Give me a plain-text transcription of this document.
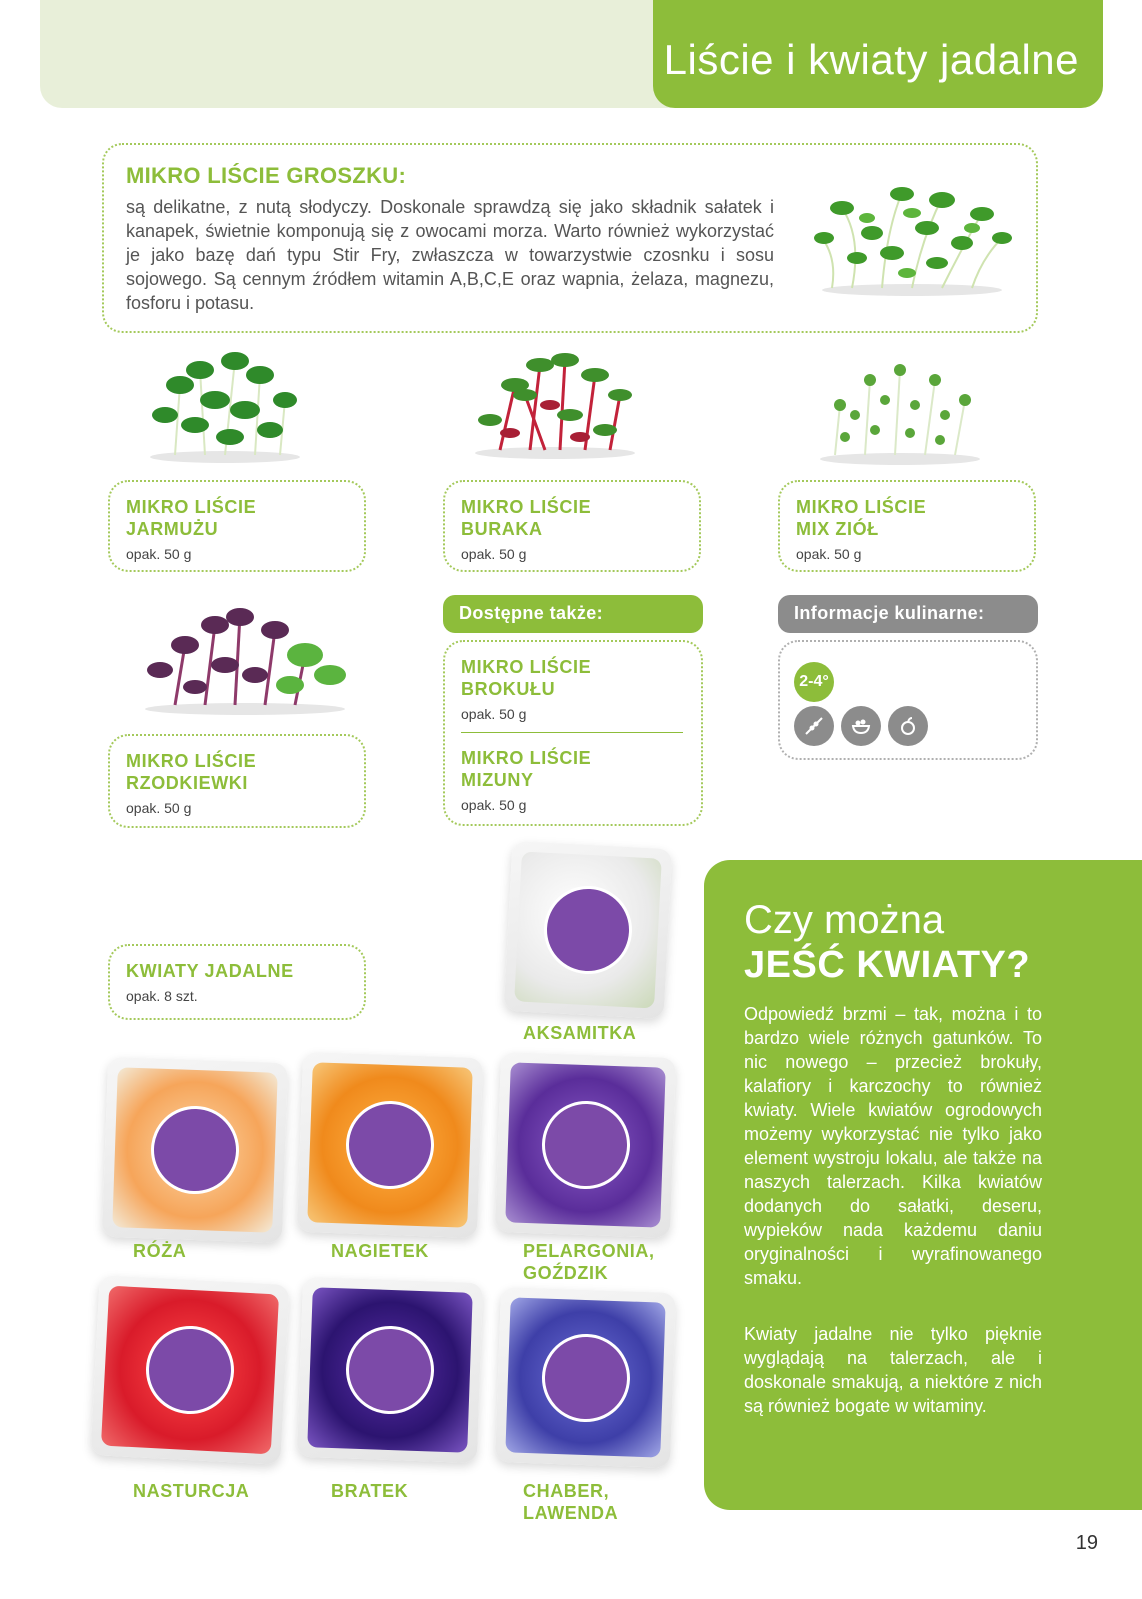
Liście i kwiaty jadalne
MIKRO LIŚCIE GROSZKU:
są delikatne, z nutą słodyczy. Doskonale sprawdzą się jako składnik sałatek i kanapek, świetnie komponują się z owocami morza. Warto również wykorzystać je jako bazę dań typu Stir Fry, zwłaszcza w towarzystwie czosnku i sosu sojowego. Są cennym źródłem witamin A,B,C,E oraz wapnia, żelaza, magnezu, fosforu i potasu.
MIKRO LIŚCIE
JARMUŻU
opak. 50 g
MIKRO LIŚCIE
BURAKA
opak. 50 g
MIKRO LIŚCIE
MIX ZIÓŁ
opak. 50 g
MIKRO LIŚCIE
RZODKIEWKI
opak. 50 g
Dostępne także:
MIKRO LIŚCIE
BROKUŁU
opak. 50 g
MIKRO LIŚCIE
MIZUNY
opak. 50 g
Informacje kulinarne:
2-4°
KWIATY JADALNE
opak. 8 szt.
AKSAMITKA
RÓŻA	NAGIETEK	PELARGONIA, GOŹDZIK
NASTURCJA	BRATEK	CHABER, LAWENDA
Czy można
JEŚĆ KWIATY?
Odpowiedź brzmi – tak, można i to bardzo wiele różnych gatunków. To nic nowego – przecież brokuły, kalafiory i karczochy to również kwiaty. Wiele kwiatów ogrodowych możemy wykorzystać nie tylko jako element wystroju lokalu, ale także na naszych talerzach. Kilka kwiatów dodanych do sałatki, deseru, wypieków nada każdemu daniu oryginalności i wyrafinowanego smaku.
Kwiaty jadalne nie tylko pięknie wyglądają na talerzach, ale i doskonale smakują, a niektóre z nich są również bogate w witaminy.
19
